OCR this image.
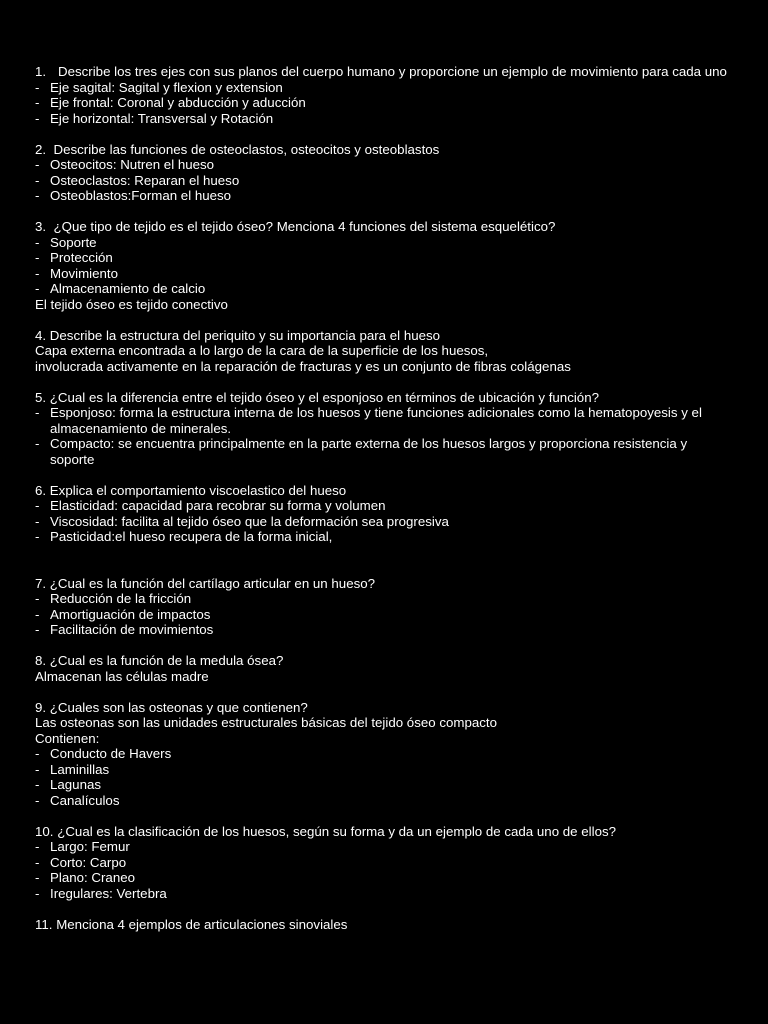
1. Describe los tres ejes con sus planos del cuerpo humano y proporcione un ejemplo de movimiento para cada uno

- Eje sagital: Sagital y flexion y extension
- Eje frontal: Coronal y abducción y aducción
- Eje horizontal: Transversal y Rotación

2. Describe las funciones de osteoclastos, osteocitos y osteoblastos

- Osteocitos: Nutren el hueso
- Osteoclastos: Reparan el hueso
- Osteoblastos:Forman el hueso

3. ¿Que tipo de tejido es el tejido óseo? Menciona 4 funciones del sistema esquelético?

- Soporte
- Protección
- Movimiento
- Almacenamiento de calcio

El tejido óseo es tejido conectivo

4. Describe la estructura del periquito y su importancia para el hueso

Capa externa encontrada a lo largo de la cara de la superficie de los huesos,

involucrada activamente en la reparación de fracturas y es un conjunto de fibras colágenas

5. ¿Cual es la diferencia entre el tejido óseo y el esponjoso en términos de ubicación y función?

- Esponjoso: forma la estructura interna de los huesos y tiene funciones adicionales como la hematopoyesis y el almacenamiento de minerales.
- Compacto: se encuentra principalmente en la parte externa de los huesos largos y proporciona resistencia y soporte

6. Explica el comportamiento viscoelastico del hueso

- Elasticidad: capacidad para recobrar su forma y volumen
- Viscosidad: facilita al tejido óseo que la deformación sea progresiva
- Pasticidad:el hueso recupera de la forma inicial,

7. ¿Cual es la función del cartílago articular en un hueso?

- Reducción de la fricción
- Amortiguación de impactos
- Facilitación de movimientos

8. ¿Cual es la función de la medula ósea?

Almacenan las células madre

9. ¿Cuales son las osteonas y que contienen?

Las osteonas son las unidades estructurales básicas del tejido óseo compacto

Contienen:

- Conducto de Havers
- Laminillas
- Lagunas
- Canalículos

10. ¿Cual es la clasificación de los huesos, según su forma y da un ejemplo de cada uno de ellos?

- Largo: Femur
- Corto: Carpo
- Plano: Craneo
- Iregulares: Vertebra

11. Menciona 4 ejemplos de articulaciones sinoviales
